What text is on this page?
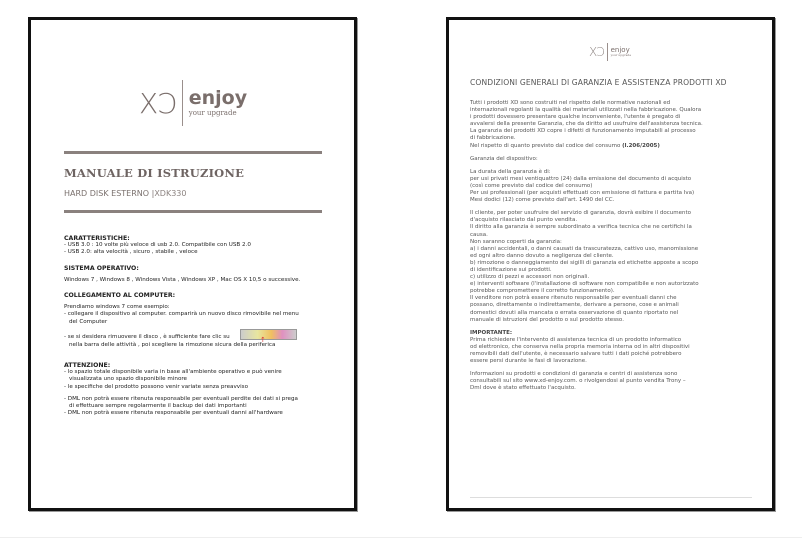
XↃ enjoy
your upgrade
MANUALE DI ISTRUZIONE
HARD DISK ESTERNO |XDK330
CARATTERISTICHE:

- USB 3.0 : 10 volte più veloce di usb 2.0. Compatibile con USB 2.0

- USB 2.0: alta velocità , sicuro , stabile , veloce

SISTEMA OPERATIVO:

Windows 7 , Windows 8 , Windows Vista , Windows XP , Mac OS X 10,5 o successive.

COLLEGAMENTO AL COMPUTER:

Prendiamo windows 7 come esempio:

- collegare il dispositivo al computer. comparirà un nuovo disco rimovibile nel menu

del Computer

- se si desidera rimuovere il disco , è sufficiente fare clic su

nella barra delle attività , poi scegliere la rimozione sicura della periferica
↑

ATTENZIONE:

- lo spazio totale disponibile varia in base all'ambiente operativo e può venire

visualizzata uno spazio disponibile minore

- le specifiche del prodotto possono venir variate senza preavviso

- DML non potrà essere ritenuta responsabile per eventuali perdite dei dati si prega

di effettuare sempre regolarmente il backup dei dati importanti

- DML non potrà essere ritenuta responsabile per eventuali danni all'hardware

XↃ enjoy
your upgrade
CONDIZIONI GENERALI DI GARANZIA E ASSISTENZA PRODOTTI XD

Tutti i prodotti XD sono costruiti nel rispetto delle normative nazionali ed

internazionali regolanti la qualità dei materiali utilizzati nella fabbricazione. Qualora

i prodotti dovessero presentare qualche inconveniente, l'utente è pregato di

avvalersi della presente Garanzia, che da diritto ad usufruire dell'assistenza tecnica.

La garanzia dei prodotti XD copre i difetti di funzionamento imputabili al processo

di fabbricazione.

Nel rispetto di quanto previsto dal codice del consumo (l.206/2005)

Garanzia del dispositivo:

La durata della garanzia è di:

per usi privati mesi ventiquattro (24) dalla emissione del documento di acquisto

(così come previsto dal codice del consumo)

Per usi professionali (per acquisti effettuati con emissione di fattura e partita Iva)

Mesi dodici (12) come previsto dall'art. 1490 del CC.

Il cliente, per poter usufruire del servizio di garanzia, dovrà esibire il documento

d'acquisto rilasciato dal punto vendita.

Il diritto alla garanzia è sempre subordinato a verifica tecnica che ne certifichi la

causa.

Non saranno coperti da garanzia:

a) i danni accidentali, o danni causati da trascuratezza, cattivo uso, manomissione

ed ogni altro danno dovuto a negligenza del cliente.

b) rimozione o danneggiamento dei sigilli di garanzia ed etichette apposte a scopo

di identificazione sui prodotti.

c) utilizzo di pezzi e accessori non originali.

e) interventi software (l'installazione di software non compatibile e non autorizzato

potrebbe compromettere il corretto funzionamento).

Il venditore non potrà essere ritenuto responsabile per eventuali danni che

possano, direttamente o indirettamente, derivare a persone, cose e animali

domestici dovuti alla mancata o errata osservazione di quanto riportato nel

manuale di istruzioni del prodotto o sul prodotto stesso.

IMPORTANTE:

Prima richiedere l'intervento di assistenza tecnica di un prodotto informatico

od elettronico, che conserva nella propria memoria interna od in altri dispositivi

removibili dati dell'utente, è necessario salvare tutti i dati poiché potrebbero

essere persi durante le fasi di lavorazione.

Informazioni su prodotti e condizioni di garanzia e centri di assistenza sono

consultabili sul sito www.xd-enjoy.com. o rivolgendosi al punto vendita Trony –

Dml dove è stato effettuato l'acquisto.
